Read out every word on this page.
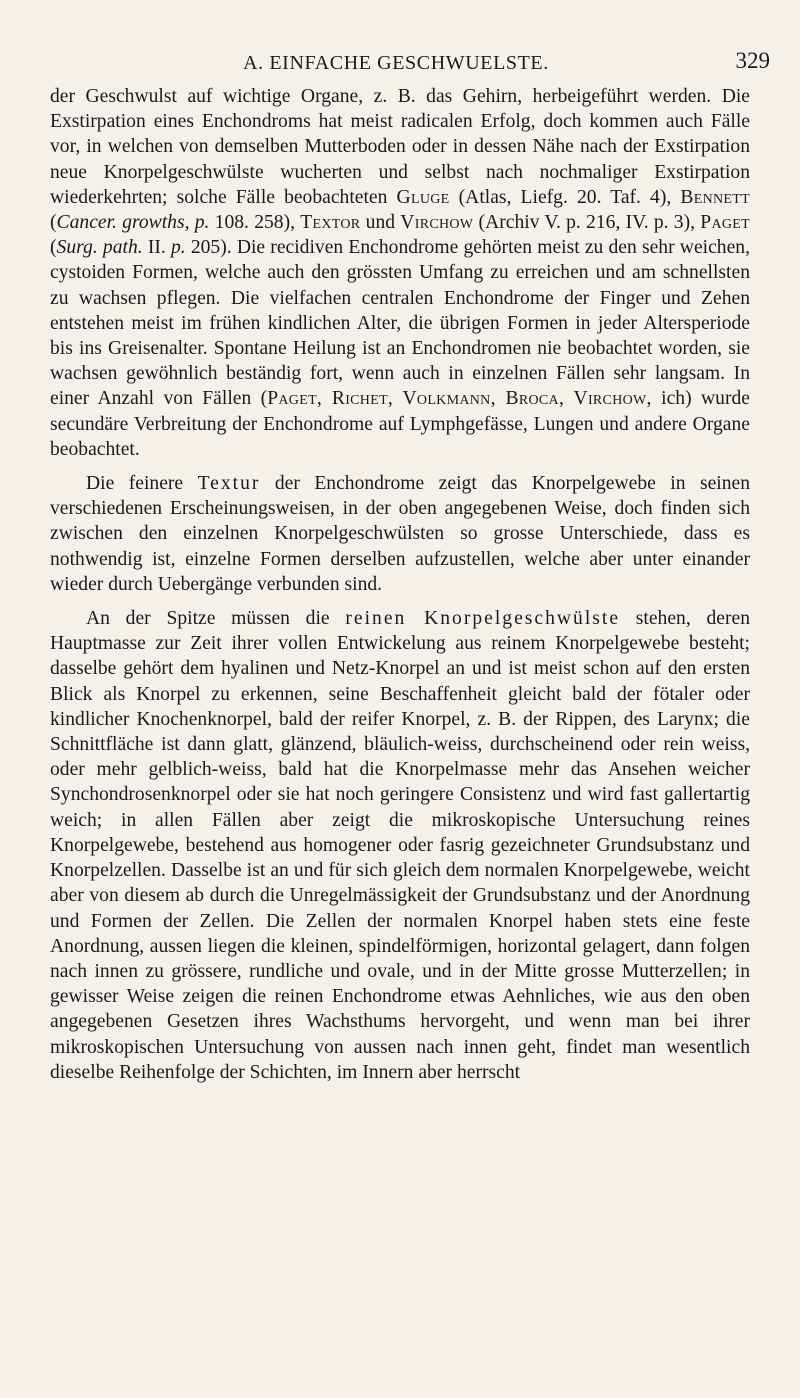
A. EINFACHE GESCHWUELSTE.	329

der Geschwulst auf wichtige Organe, z. B. das Gehirn, herbeigeführt werden. Die Exstirpation eines Enchondroms hat meist radicalen Erfolg, doch kommen auch Fälle vor, in welchen von demselben Mutterboden oder in dessen Nähe nach der Exstirpation neue Knorpelgeschwülste wucherten und selbst nach nochmaliger Exstirpation wiederkehrten; solche Fälle beobachteten Gluge (Atlas, Liefg. 20. Taf. 4), Bennett (Cancer. growths, p. 108. 258), Textor und Virchow (Archiv V. p. 216, IV. p. 3), Paget (Surg. path. II. p. 205). Die recidiven Enchondrome gehörten meist zu den sehr weichen, cystoiden Formen, welche auch den grössten Umfang zu erreichen und am schnellsten zu wachsen pflegen. Die vielfachen centralen Enchondrome der Finger und Zehen entstehen meist im frühen kindlichen Alter, die übrigen Formen in jeder Altersperiode bis ins Greisenalter. Spontane Heilung ist an Enchondromen nie beobachtet worden, sie wachsen gewöhnlich beständig fort, wenn auch in einzelnen Fällen sehr langsam. In einer Anzahl von Fällen (Paget, Richet, Volkmann, Broca, Virchow, ich) wurde secundäre Verbreitung der Enchondrome auf Lymphgefässe, Lungen und andere Organe beobachtet.

Die feinere Textur der Enchondrome zeigt das Knorpelgewebe in seinen verschiedenen Erscheinungsweisen, in der oben angegebenen Weise, doch finden sich zwischen den einzelnen Knorpelgeschwülsten so grosse Unterschiede, dass es nothwendig ist, einzelne Formen derselben aufzustellen, welche aber unter einander wieder durch Uebergänge verbunden sind.

An der Spitze müssen die reinen Knorpelgeschwülste stehen, deren Hauptmasse zur Zeit ihrer vollen Entwickelung aus reinem Knorpelgewebe besteht; dasselbe gehört dem hyalinen und Netz-Knorpel an und ist meist schon auf den ersten Blick als Knorpel zu erkennen, seine Beschaffenheit gleicht bald der fötaler oder kindlicher Knochenknorpel, bald der reifer Knorpel, z. B. der Rippen, des Larynx; die Schnittfläche ist dann glatt, glänzend, bläulich-weiss, durchscheinend oder rein weiss, oder mehr gelblich-weiss, bald hat die Knorpelmasse mehr das Ansehen weicher Synchondrosenknorpel oder sie hat noch geringere Consistenz und wird fast gallertartig weich; in allen Fällen aber zeigt die mikroskopische Untersuchung reines Knorpelgewebe, bestehend aus homogener oder fasrig gezeichneter Grundsubstanz und Knorpelzellen. Dasselbe ist an und für sich gleich dem normalen Knorpelgewebe, weicht aber von diesem ab durch die Unregelmässigkeit der Grundsubstanz und der Anordnung und Formen der Zellen. Die Zellen der normalen Knorpel haben stets eine feste Anordnung, aussen liegen die kleinen, spindelförmigen, horizontal gelagert, dann folgen nach innen zu grössere, rundliche und ovale, und in der Mitte grosse Mutterzellen; in gewisser Weise zeigen die reinen Enchondrome etwas Aehnliches, wie aus den oben angegebenen Gesetzen ihres Wachsthums hervorgeht, und wenn man bei ihrer mikroskopischen Untersuchung von aussen nach innen geht, findet man wesentlich dieselbe Reihenfolge der Schichten, im Innern aber herrscht
